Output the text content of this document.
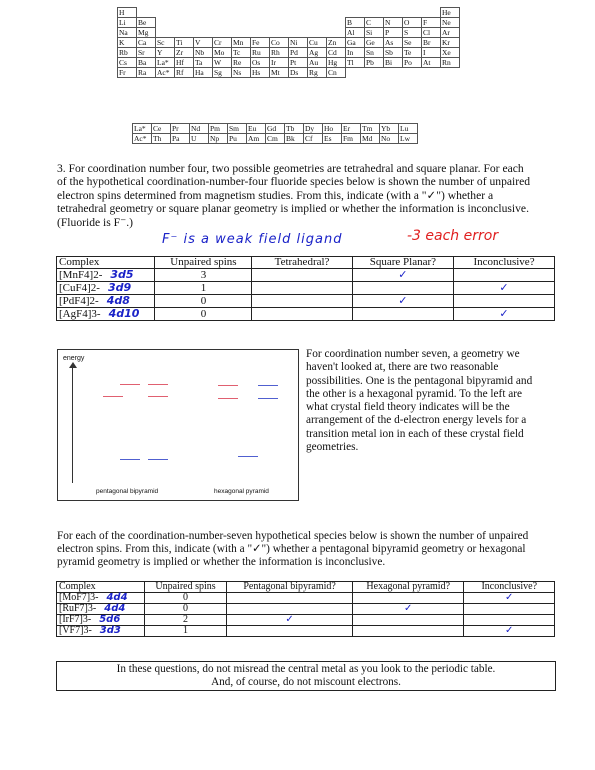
H																	He
Li	Be											B	C	N	O	F	Ne
Na	Mg											Al	Si	P	S	Cl	Ar
K	Ca	Sc	Ti	V	Cr	Mn	Fe	Co	Ni	Cu	Zn	Ga	Ge	As	Se	Br	Kr
Rb	Sr	Y	Zr	Nb	Mo	Tc	Ru	Rh	Pd	Ag	Cd	In	Sn	Sb	Te	I	Xe
Cs	Ba	La*	Hf	Ta	W	Re	Os	Ir	Pt	Au	Hg	Tl	Pb	Bi	Po	At	Rn
Fr	Ra	Ac*	Rf	Ha	Sg	Ns	Hs	Mt	Ds	Rg	Cn						
La*	Ce	Pr	Nd	Pm	Sm	Eu	Gd	Tb	Dy	Ho	Er	Tm	Yb	Lu
Ac*	Th	Pa	U	Np	Pu	Am	Cm	Bk	Cf	Es	Fm	Md	No	Lw
3. For coordination number four, two possible geometries are tetrahedral and square planar. For each of the hypothetical coordination-number-four fluoride species below is shown the number of unpaired electron spins determined from magnetism studies. From this, indicate (with a "✓") whether a tetrahedral geometry or square planar geometry is implied or whether the information is inconclusive. (Fluoride is F⁻.)
F⁻ is a weak field ligand	-3 each error
Complex	Unpaired spins	Tetrahedral?	Square Planar?	Inconclusive?
[MnF4]2- 3d5	3		✓	
[CuF4]2- 3d9	1			✓
[PdF4]2- 4d8	0		✓	
[AgF4]3- 4d10	0			✓
energy
pentagonal bipyramid	hexagonal pyramid
For coordination number seven, a geometry we haven't looked at, there are two reasonable possibilities. One is the pentagonal bipyramid and the other is a hexagonal pyramid. To the left are what crystal field theory indicates will be the arrangement of the d-electron energy levels for a transition metal ion in each of these crystal field geometries.
For each of the coordination-number-seven hypothetical species below is shown the number of unpaired electron spins. From this, indicate (with a "✓") whether a pentagonal bipyramid geometry or hexagonal pyramid geometry is implied or whether the information is inconclusive.
Complex	Unpaired spins	Pentagonal bipyramid?	Hexagonal pyramid?	Inconclusive?
[MoF7]3- 4d4	0			✓
[RuF7]3- 4d4	0		✓	
[IrF7]3- 5d6	2	✓		
[VF7]3- 3d3	1			✓
In these questions, do not misread the central metal as you look to the periodic table.
And, of course, do not miscount electrons.
